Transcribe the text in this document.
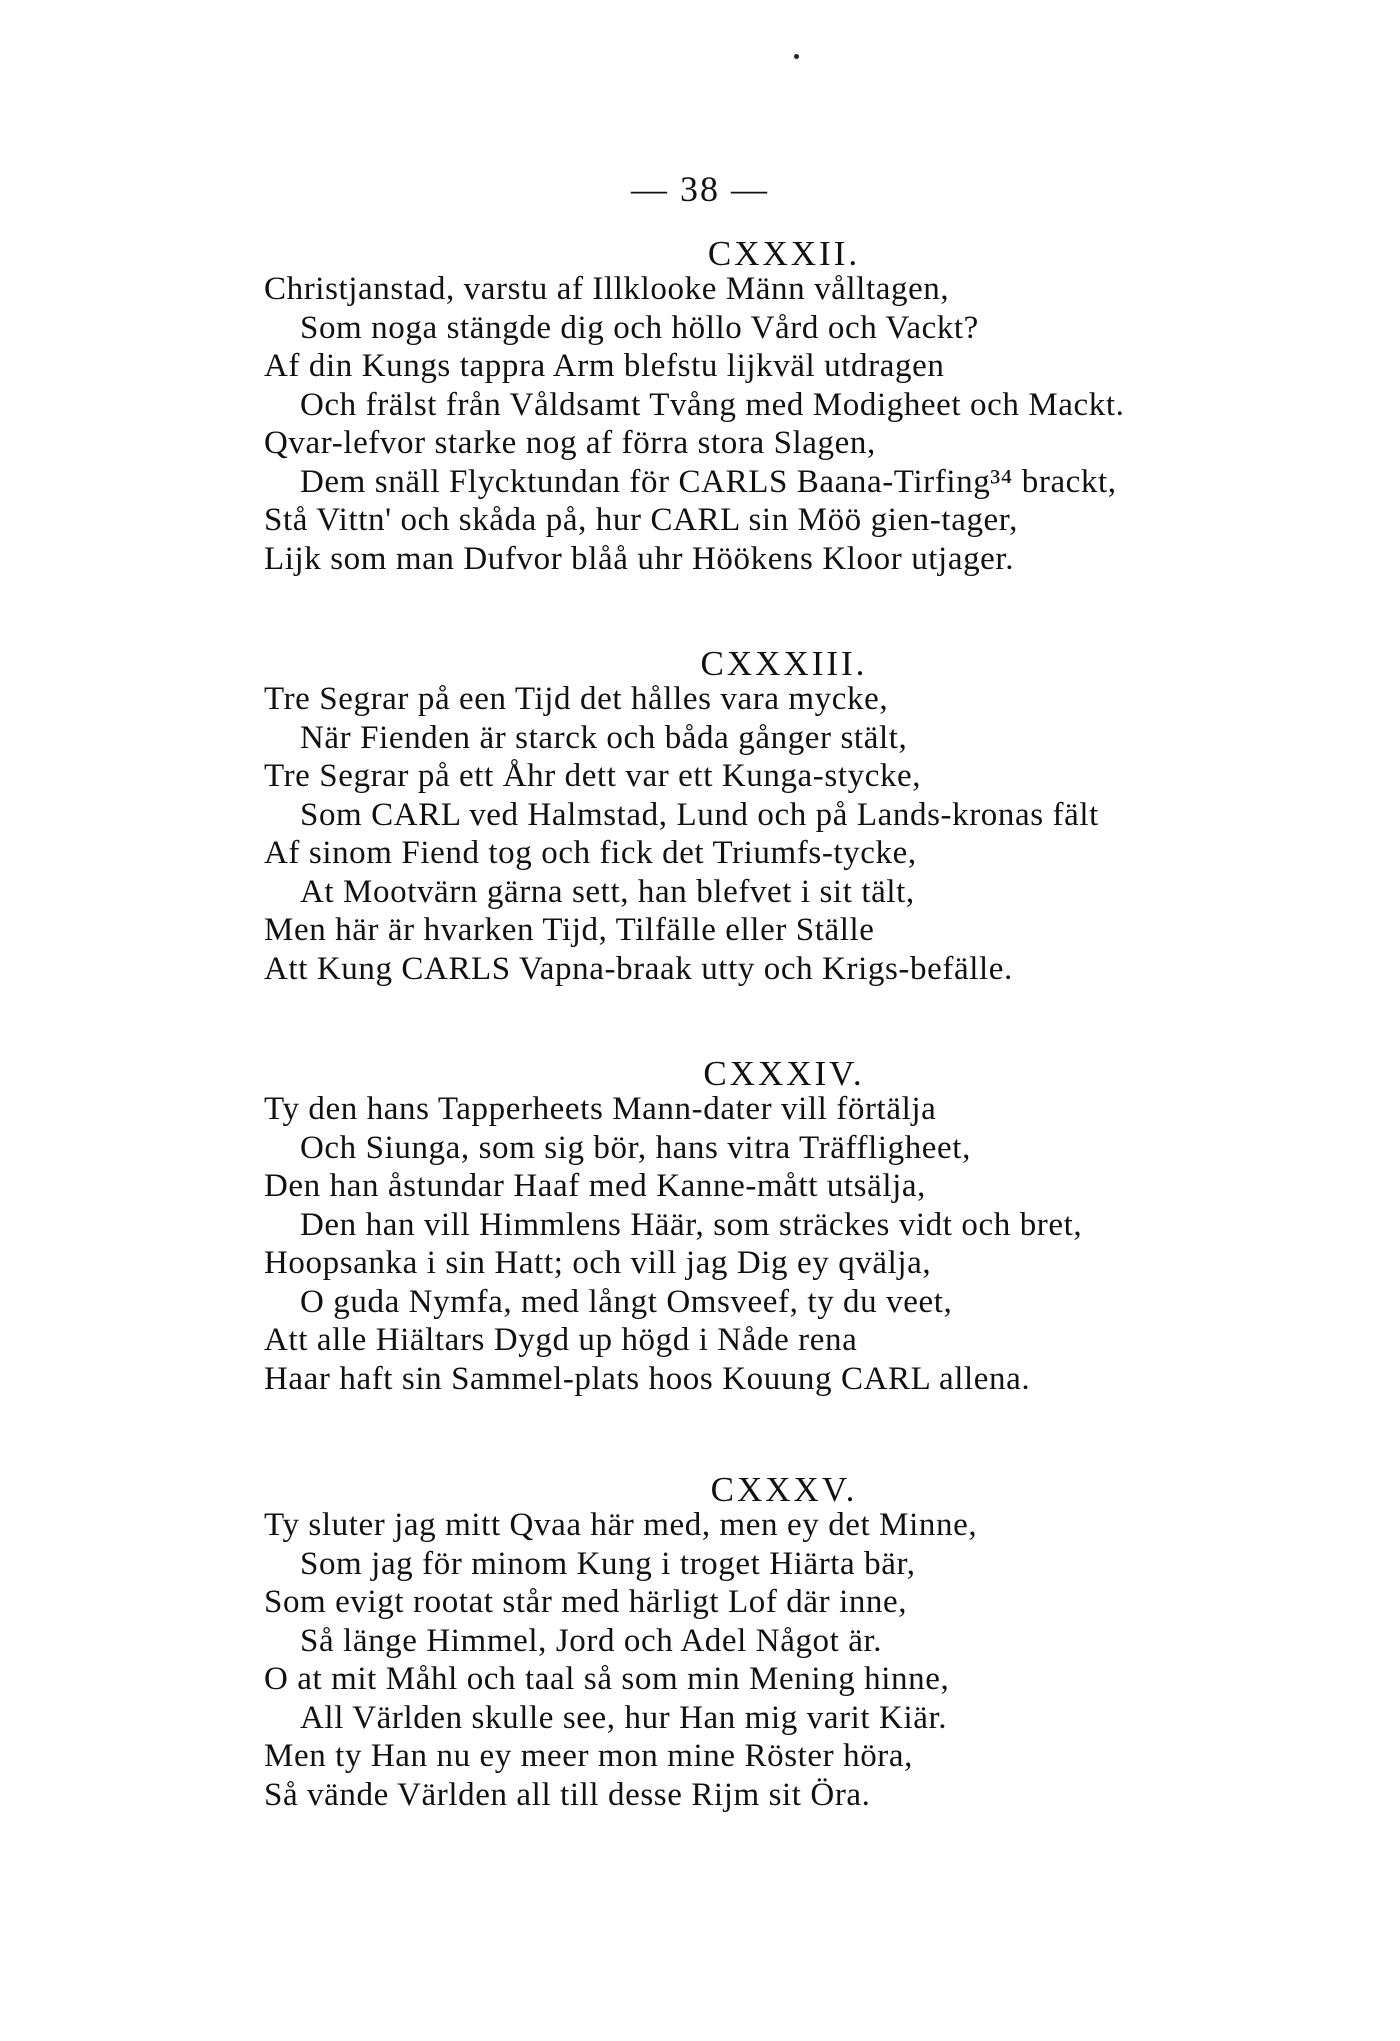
— 38 —
CXXXII.
Christjanstad, varstu af Illklooke Männ vålltagen,
Som noga stängde dig och höllo Vård och Vackt?
Af din Kungs tappra Arm blefstu lijkväl utdragen
Och frälst från Våldsamt Tvång med Modigheet och Mackt.
Qvar-lefvor starke nog af förra stora Slagen,
Dem snäll Flycktundan för CARLS Baana-Tirfing³⁴ brackt,
Stå Vittn' och skåda på, hur CARL sin Möö gien-tager,
Lijk som man Dufvor blåå uhr Höökens Kloor utjager.
CXXXIII.
Tre Segrar på een Tijd det hålles vara mycke,
När Fienden är starck och båda gånger stält,
Tre Segrar på ett Åhr dett var ett Kunga-stycke,
Som CARL ved Halmstad, Lund och på Lands-kronas fält
Af sinom Fiend tog och fick det Triumfs-tycke,
At Mootvärn gärna sett, han blefvet i sit tält,
Men här är hvarken Tijd, Tilfälle eller Ställe
Att Kung CARLS Vapna-braak utty och Krigs-befälle.
CXXXIV.
Ty den hans Tapperheets Mann-dater vill förtälja
Och Siunga, som sig bör, hans vitra Träffligheet,
Den han åstundar Haaf med Kanne-mått utsälja,
Den han vill Himmlens Häär, som sträckes vidt och bret,
Hoopsanka i sin Hatt; och vill jag Dig ey qvälja,
O guda Nymfa, med långt Omsveef, ty du veet,
Att alle Hiältars Dygd up högd i Nåde rena
Haar haft sin Sammel-plats hoos Kouung CARL allena.
CXXXV.
Ty sluter jag mitt Qvaa här med, men ey det Minne,
Som jag för minom Kung i troget Hiärta bär,
Som evigt rootat står med härligt Lof där inne,
Så länge Himmel, Jord och Adel Något är.
O at mit Måhl och taal så som min Mening hinne,
All Världen skulle see, hur Han mig varit Kiär.
Men ty Han nu ey meer mon mine Röster höra,
Så vände Världen all till desse Rijm sit Öra.
